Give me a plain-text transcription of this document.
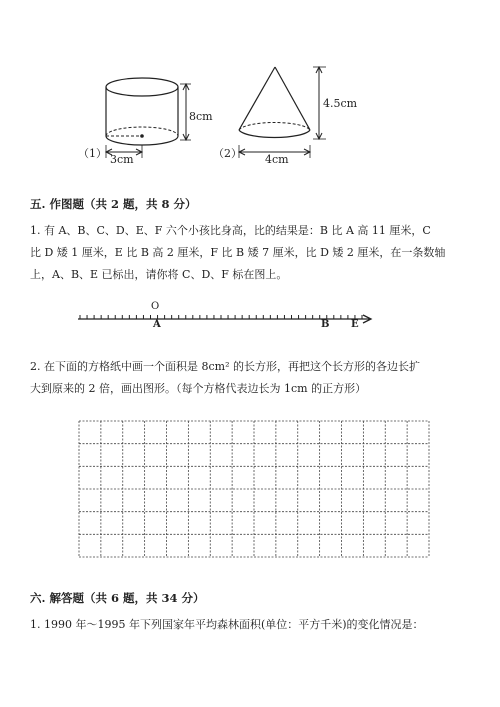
8cm
3cm
（1）
4.5cm
4cm
（2）
五. 作图题（共 2 题，共 8 分）
1. 有 A、B、C、D、E、F 六个小孩比身高，比的结果是：B 比 A 高 11 厘米，C
比 D 矮 1 厘米，E 比 B 高 2 厘米，F 比 B 矮 7 厘米，比 D 矮 2 厘米，在一条数轴
上，A、B、E 已标出，请你将 C、D、F 标在图上。
O
A	B E
2. 在下面的方格纸中画一个面积是 8cm² 的长方形，再把这个长方形的各边长扩
大到原来的 2 倍，画出图形。（每个方格代表边长为 1cm 的正方形）
六. 解答题（共 6 题，共 34 分）
1. 1990 年～1995 年下列国家年平均森林面积(单位：平方千米)的变化情况是：
